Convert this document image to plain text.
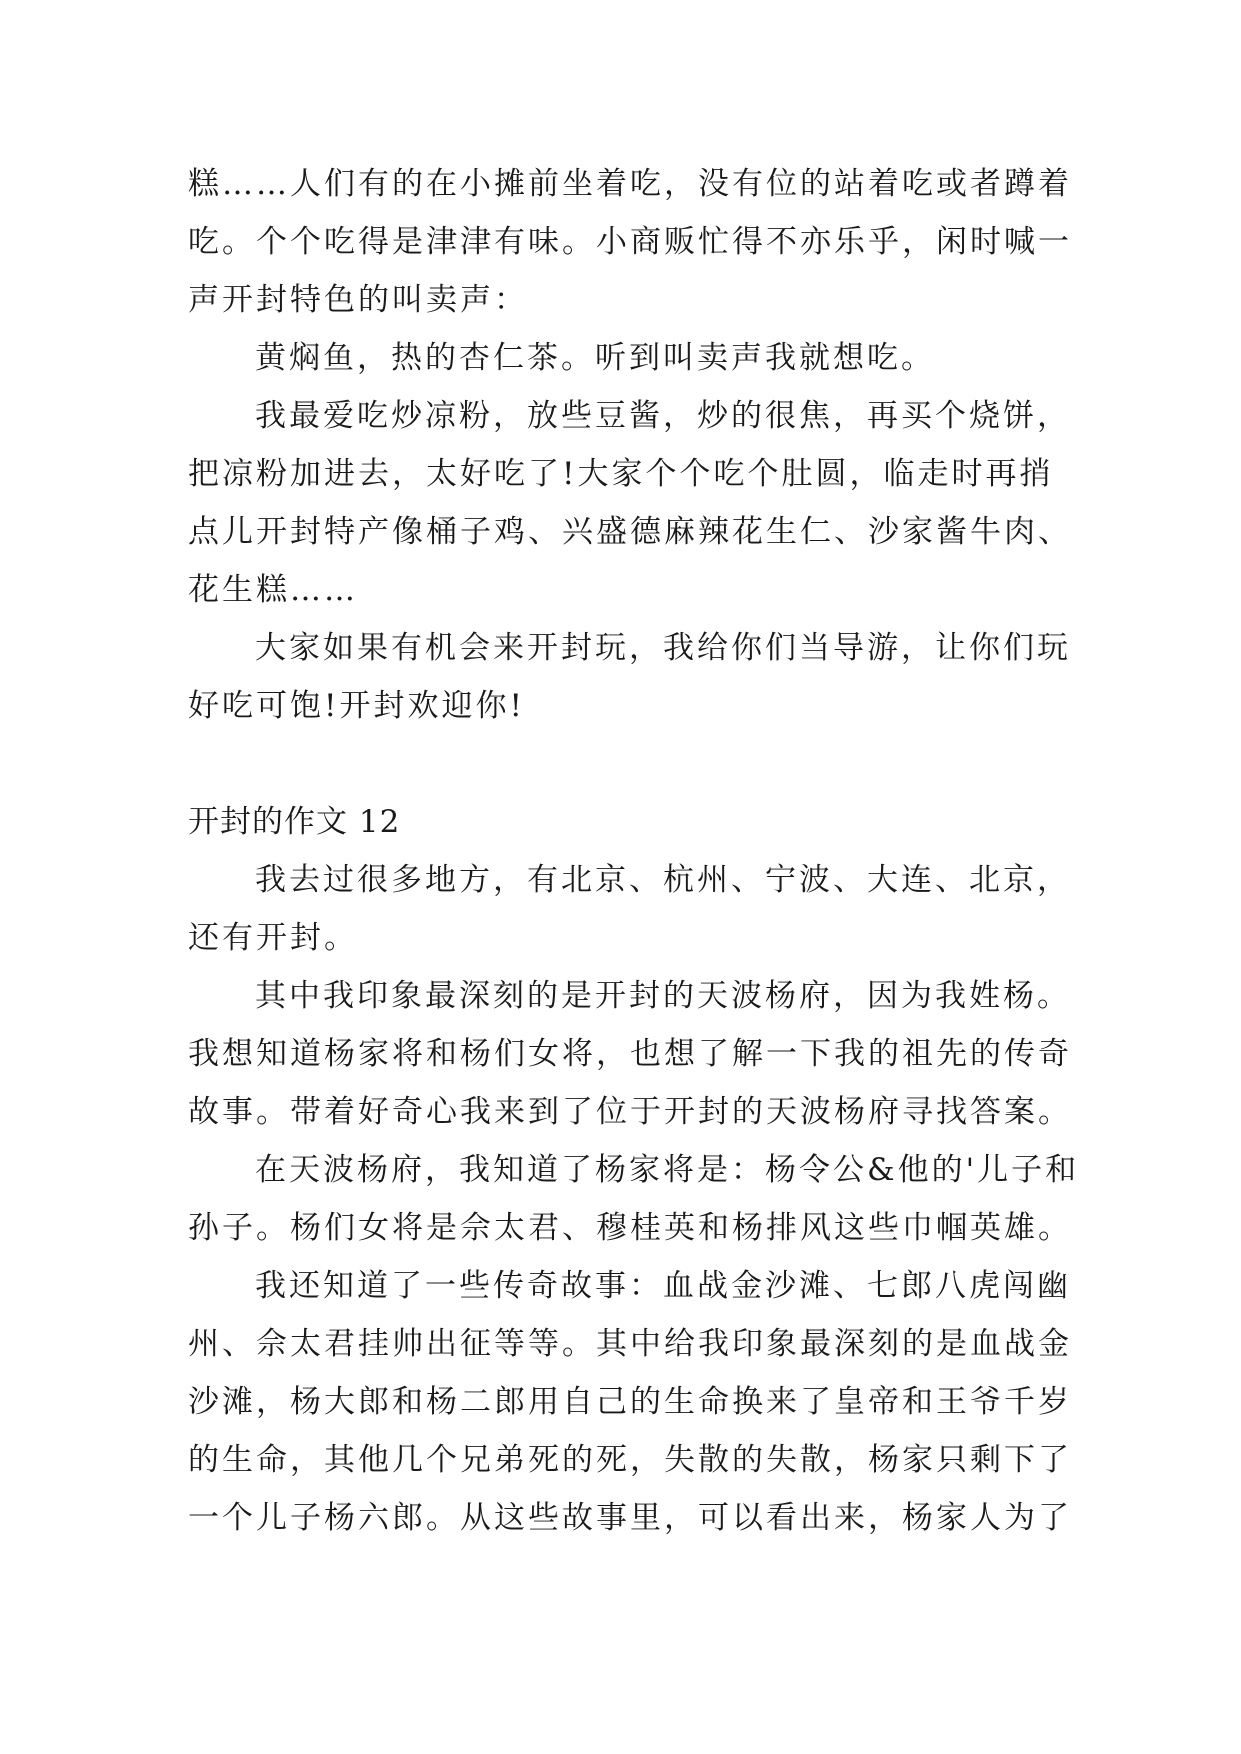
糕……人们有的在小摊前坐着吃，没有位的站着吃或者蹲着
吃。个个吃得是津津有味。小商贩忙得不亦乐乎，闲时喊一
声开封特色的叫卖声：
黄焖鱼，热的杏仁茶。听到叫卖声我就想吃。
我最爱吃炒凉粉，放些豆酱，炒的很焦，再买个烧饼，
把凉粉加进去，太好吃了!大家个个吃个肚圆，临走时再捎
点儿开封特产像桶子鸡、兴盛德麻辣花生仁、沙家酱牛肉、
花生糕……
大家如果有机会来开封玩，我给你们当导游，让你们玩
好吃可饱!开封欢迎你!
开封的作文 12
我去过很多地方，有北京、杭州、宁波、大连、北京，
还有开封。
其中我印象最深刻的是开封的天波杨府，因为我姓杨。
我想知道杨家将和杨们女将，也想了解一下我的祖先的传奇
故事。带着好奇心我来到了位于开封的天波杨府寻找答案。
在天波杨府，我知道了杨家将是：杨令公&他的'儿子和
孙子。杨们女将是佘太君、穆桂英和杨排风这些巾帼英雄。
我还知道了一些传奇故事：血战金沙滩、七郎八虎闯幽
州、佘太君挂帅出征等等。其中给我印象最深刻的是血战金
沙滩，杨大郎和杨二郎用自己的生命换来了皇帝和王爷千岁
的生命，其他几个兄弟死的死，失散的失散，杨家只剩下了
一个儿子杨六郎。从这些故事里，可以看出来，杨家人为了
